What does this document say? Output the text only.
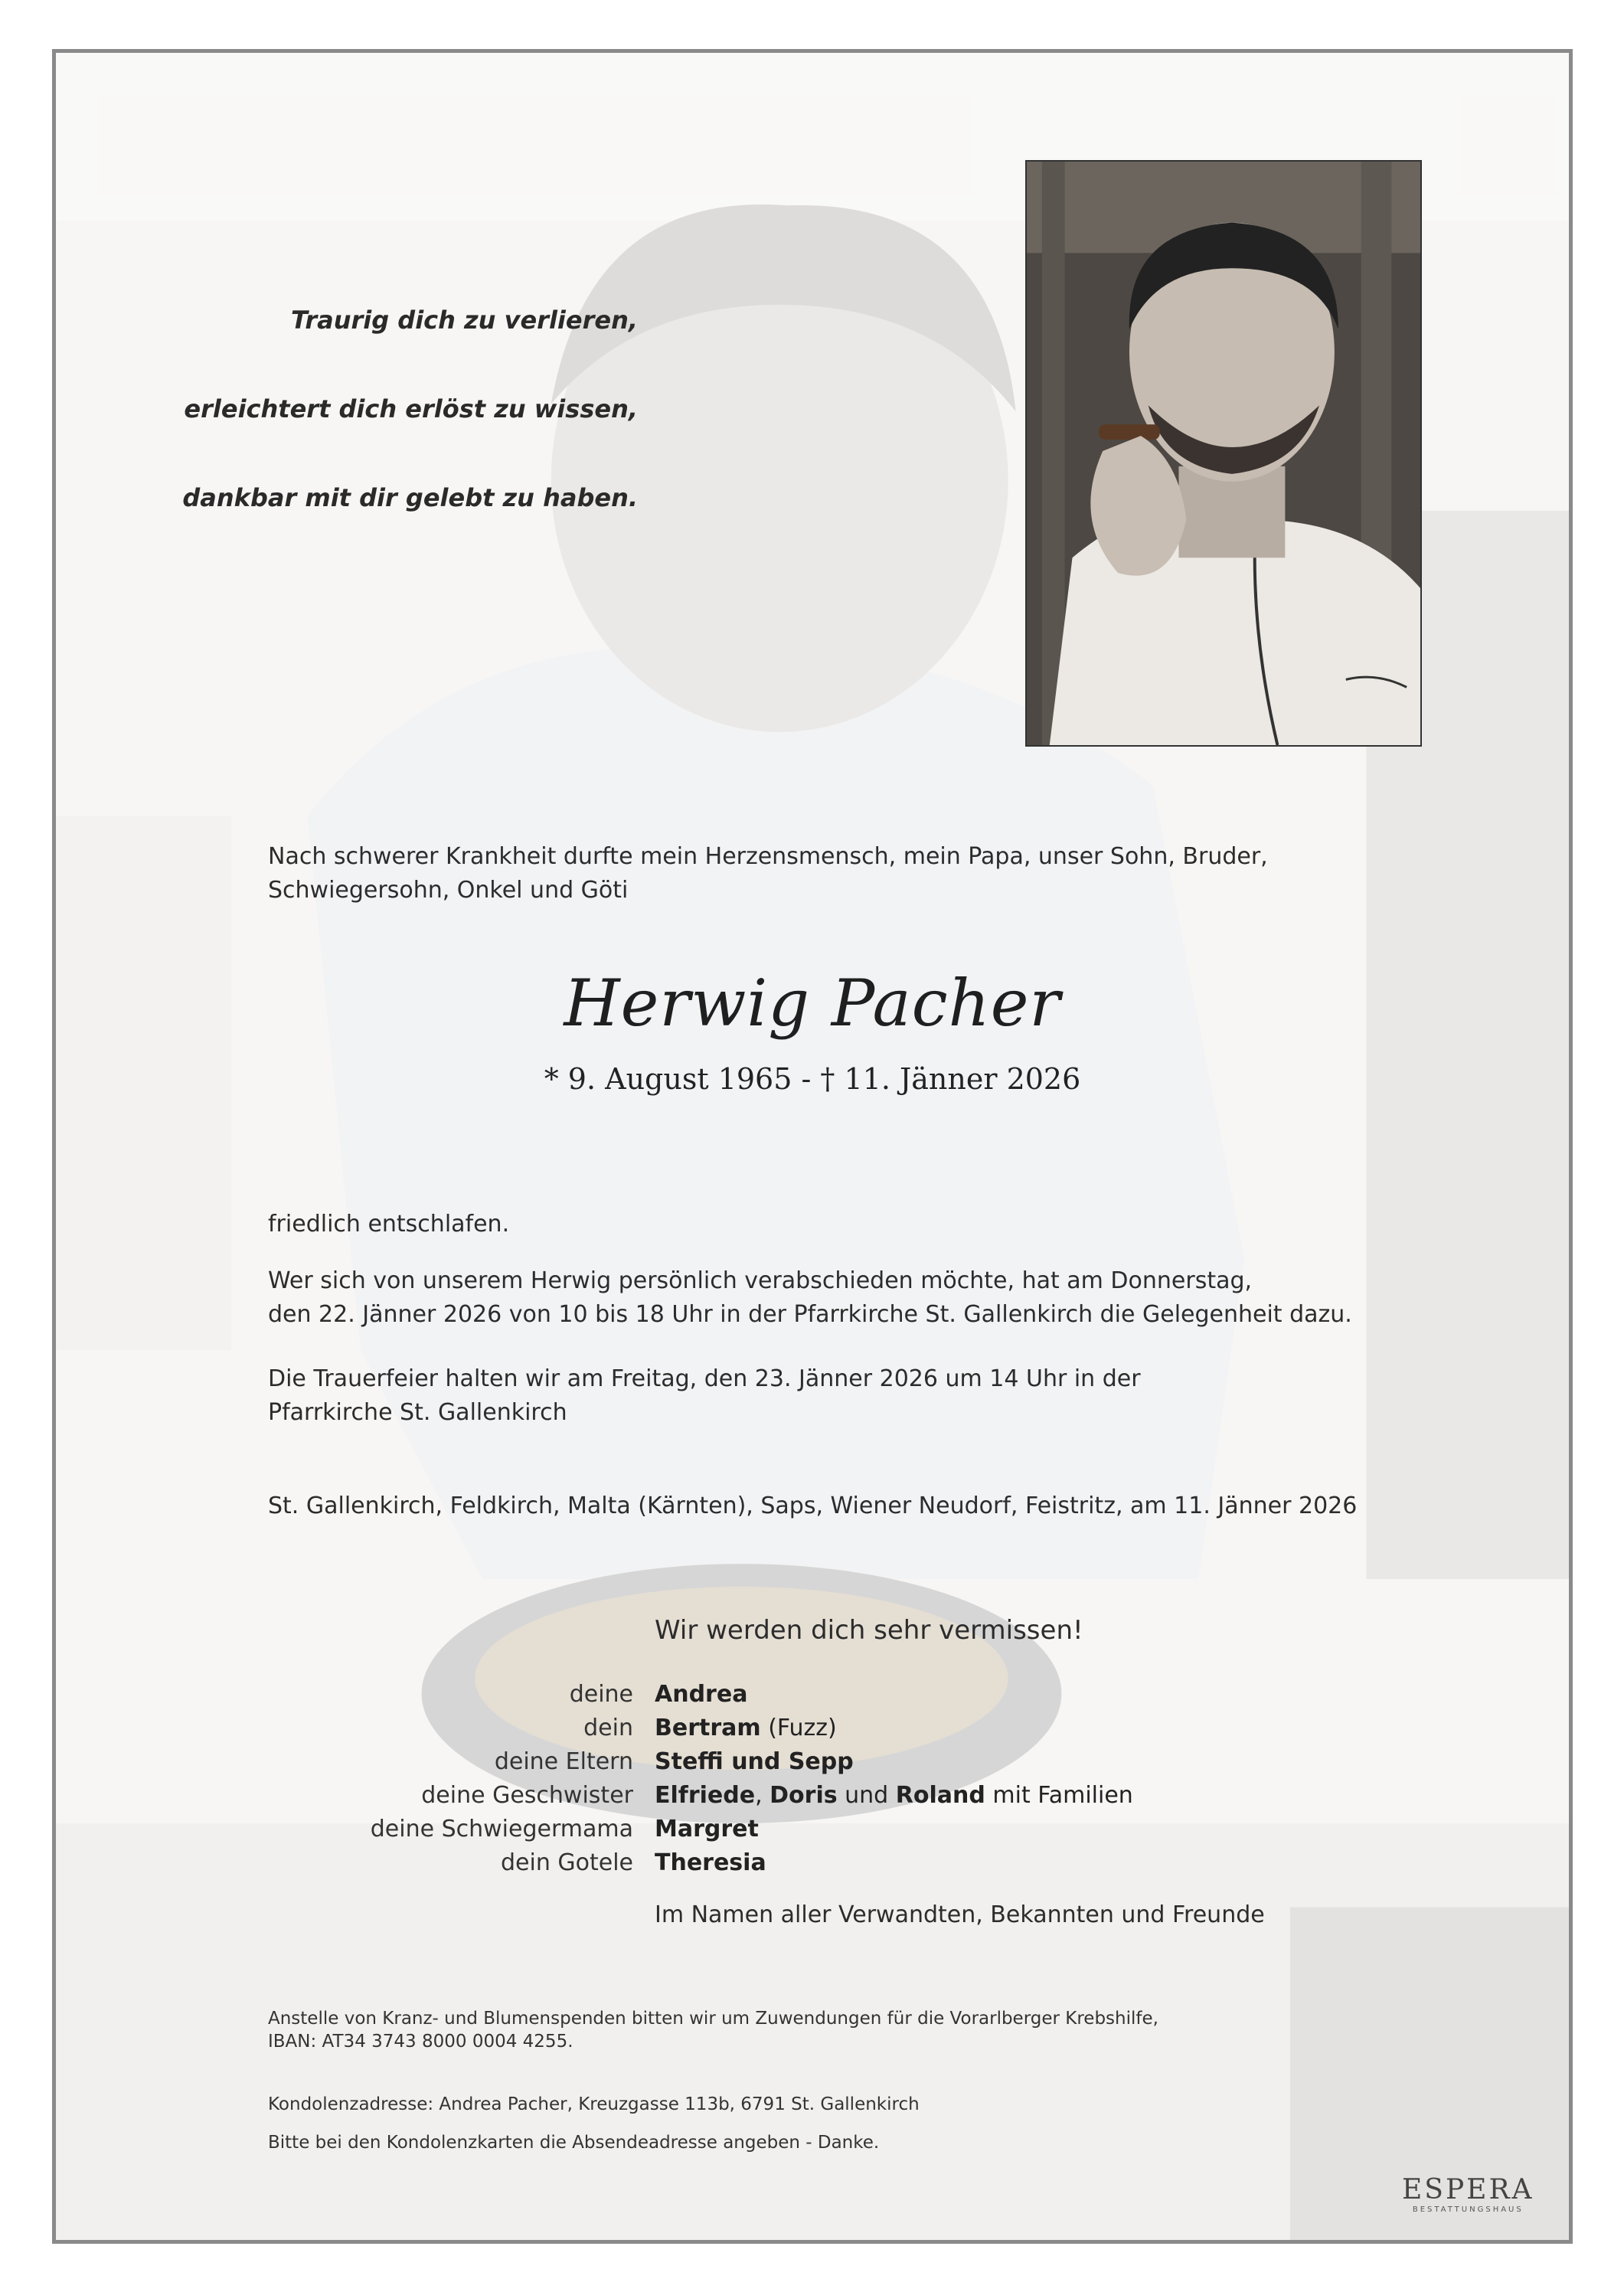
Traurig dich zu verlieren,

erleichtert dich erlöst zu wissen,

dankbar mit dir gelebt zu haben.

Nach schwerer Krankheit durfte mein Herzensmensch, mein Papa, unser Sohn, Bruder,
Schwiegersohn, Onkel und Göti
Herwig Pacher
* 9. August 1965 - † 11. Jänner 2026
friedlich entschlafen.
Wer sich von unserem Herwig persönlich verabschieden möchte, hat am Donnerstag,
den 22. Jänner 2026 von 10 bis 18 Uhr in der Pfarrkirche St. Gallenkirch die Gelegenheit dazu.
Die Trauerfeier halten wir am Freitag, den 23. Jänner 2026 um 14 Uhr in der
Pfarrkirche St. Gallenkirch
St. Gallenkirch, Feldkirch, Malta (Kärnten), Saps, Wiener Neudorf, Feistritz, am 11. Jänner 2026
Wir werden dich sehr vermissen!
deine Andrea
dein Bertram (Fuzz)
deine Eltern Steffi und Sepp
deine Geschwister Elfriede, Doris und Roland mit Familien
deine Schwiegermama Margret
dein Gotele Theresia
Im Namen aller Verwandten, Bekannten und Freunde
Anstelle von Kranz- und Blumenspenden bitten wir um Zuwendungen für die Vorarlberger Krebshilfe,
IBAN: AT34 3743 8000 0004 4255.
Kondolenzadresse: Andrea Pacher, Kreuzgasse 113b, 6791 St. Gallenkirch
Bitte bei den Kondolenzkarten die Absendeadresse angeben - Danke.
ESPERA
BESTATTUNGSHAUS
